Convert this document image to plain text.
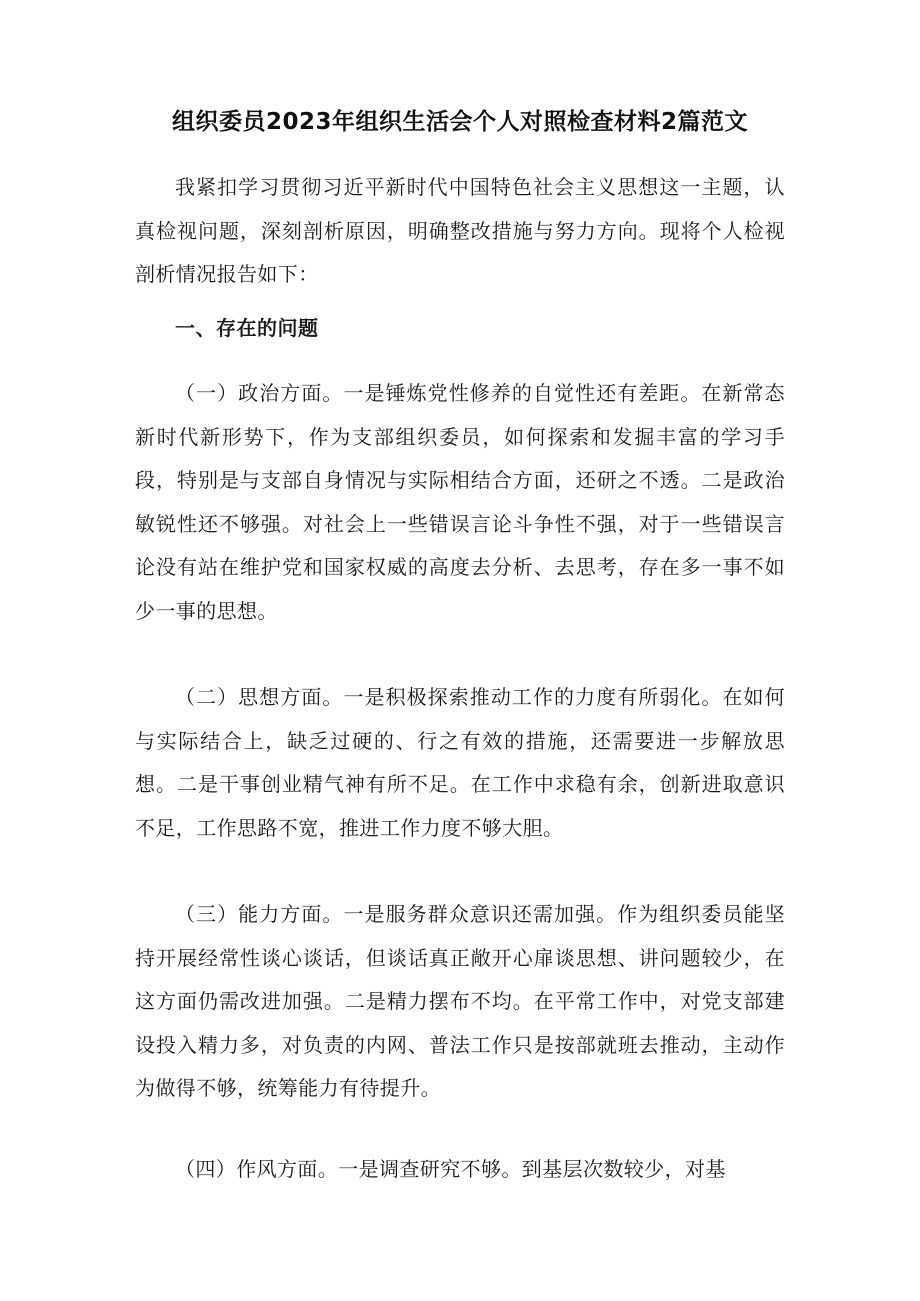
组织委员2023年组织生活会个人对照检查材料2篇范文

我紧扣学习贯彻习近平新时代中国特色社会主义思想这一主题，认真检视问题，深刻剖析原因，明确整改措施与努力方向。现将个人检视剖析情况报告如下：

一、存在的问题

（一）政治方面。一是锤炼党性修养的自觉性还有差距。在新常态新时代新形势下，作为支部组织委员，如何探索和发掘丰富的学习手段，特别是与支部自身情况与实际相结合方面，还研之不透。二是政治敏锐性还不够强。对社会上一些错误言论斗争性不强，对于一些错误言论没有站在维护党和国家权威的高度去分析、去思考，存在多一事不如少一事的思想。

（二）思想方面。一是积极探索推动工作的力度有所弱化。在如何与实际结合上，缺乏过硬的、行之有效的措施，还需要进一步解放思想。二是干事创业精气神有所不足。在工作中求稳有余，创新进取意识不足，工作思路不宽，推进工作力度不够大胆。

（三）能力方面。一是服务群众意识还需加强。作为组织委员能坚持开展经常性谈心谈话，但谈话真正敞开心扉谈思想、讲问题较少，在这方面仍需改进加强。二是精力摆布不均。在平常工作中，对党支部建设投入精力多，对负责的内网、普法工作只是按部就班去推动，主动作为做得不够，统筹能力有待提升。

（四）作风方面。一是调查研究不够。到基层次数较少，对基
